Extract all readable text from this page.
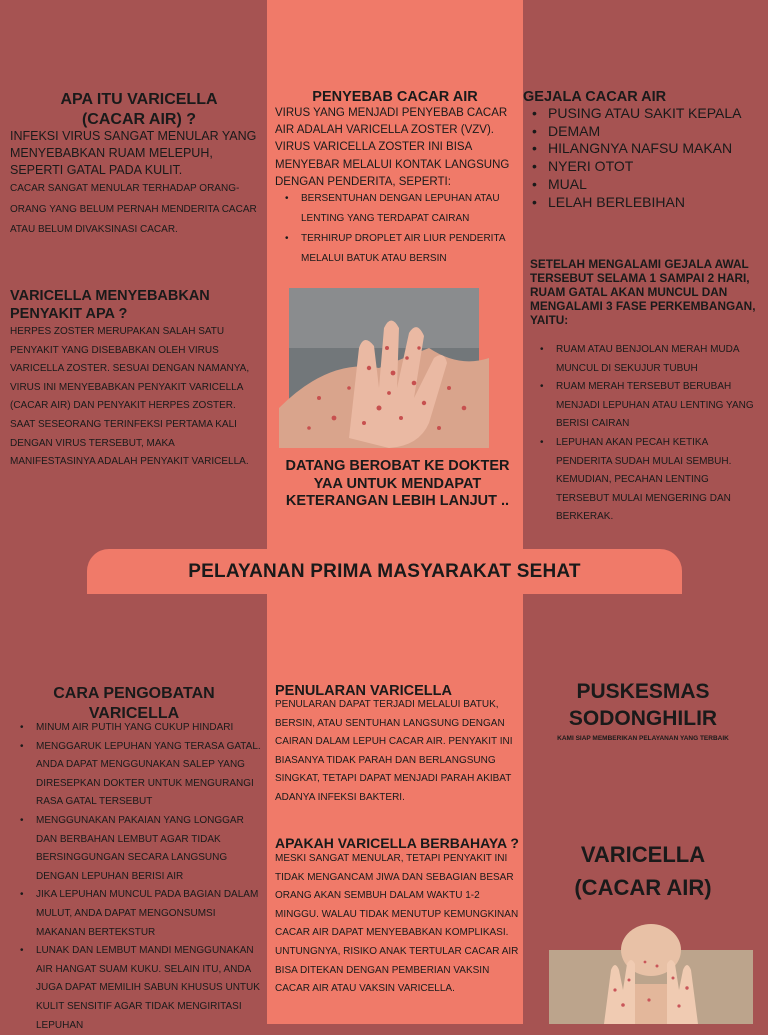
APA ITU VARICELLA
(CACAR AIR) ?
INFEKSI VIRUS SANGAT MENULAR YANG MENYEBABKAN RUAM MELEPUH, SEPERTI GATAL PADA KULIT.
CACAR SANGAT MENULAR TERHADAP ORANG-ORANG YANG BELUM PERNAH MENDERITA CACAR ATAU BELUM DIVAKSINASI CACAR.
VARICELLA MENYEBABKAN PENYAKIT APA ?
HERPES ZOSTER MERUPAKAN SALAH SATU PENYAKIT YANG DISEBABKAN OLEH VIRUS VARICELLA ZOSTER. SESUAI DENGAN NAMANYA, VIRUS INI MENYEBABKAN PENYAKIT VARICELLA (CACAR AIR) DAN PENYAKIT HERPES ZOSTER. SAAT SESEORANG TERINFEKSI PERTAMA KALI DENGAN VIRUS TERSEBUT, MAKA MANIFESTASINYA ADALAH PENYAKIT VARICELLA.
PENYEBAB CACAR AIR
VIRUS YANG MENJADI PENYEBAB CACAR AIR ADALAH VARICELLA ZOSTER (VZV). VIRUS VARICELLA ZOSTER INI BISA MENYEBAR MELALUI KONTAK LANGSUNG DENGAN PENDERITA, SEPERTI:
• BERSENTUHAN DENGAN LEPUHAN ATAU LENTING YANG TERDAPAT CAIRAN
• TERHIRUP DROPLET AIR LIUR PENDERITA MELALUI BATUK ATAU BERSIN
DATANG BEROBAT KE DOKTER YAA UNTUK MENDAPAT KETERANGAN LEBIH LANJUT ..
GEJALA CACAR AIR
• PUSING ATAU SAKIT KEPALA
• DEMAM
• HILANGNYA NAFSU MAKAN
• NYERI OTOT
• MUAL
• LELAH BERLEBIHAN
SETELAH MENGALAMI GEJALA AWAL TERSEBUT SELAMA 1 SAMPAI 2 HARI, RUAM GATAL AKAN MUNCUL DAN MENGALAMI 3 FASE PERKEMBANGAN, YAITU:
• RUAM ATAU BENJOLAN MERAH MUDA MUNCUL DI SEKUJUR TUBUH
• RUAM MERAH TERSEBUT BERUBAH MENJADI LEPUHAN ATAU LENTING YANG BERISI CAIRAN
• LEPUHAN AKAN PECAH KETIKA PENDERITA SUDAH MULAI SEMBUH. KEMUDIAN, PECAHAN LENTING TERSEBUT MULAI MENGERING DAN BERKERAK.
PELAYANAN PRIMA MASYARAKAT SEHAT
CARA PENGOBATAN
VARICELLA
• MINUM AIR PUTIH YANG CUKUP HINDARI
• MENGGARUK LEPUHAN YANG TERASA GATAL. ANDA DAPAT MENGGUNAKAN SALEP YANG DIRESEPKAN DOKTER UNTUK MENGURANGI RASA GATAL TERSEBUT
• MENGGUNAKAN PAKAIAN YANG LONGGAR DAN BERBAHAN LEMBUT AGAR TIDAK BERSINGGUNGAN SECARA LANGSUNG DENGAN LEPUHAN BERISI AIR
• JIKA LEPUHAN MUNCUL PADA BAGIAN DALAM MULUT, ANDA DAPAT MENGONSUMSI MAKANAN BERTEKSTUR
• LUNAK DAN LEMBUT MANDI MENGGUNAKAN AIR HANGAT SUAM KUKU. SELAIN ITU, ANDA JUGA DAPAT MEMILIH SABUN KHUSUS UNTUK KULIT SENSITIF AGAR TIDAK MENGIRITASI LEPUHAN
PENULARAN VARICELLA
PENULARAN DAPAT TERJADI MELALUI BATUK, BERSIN, ATAU SENTUHAN LANGSUNG DENGAN CAIRAN DALAM LEPUH CACAR AIR. PENYAKIT INI BIASANYA TIDAK PARAH DAN BERLANGSUNG SINGKAT, TETAPI DAPAT MENJADI PARAH AKIBAT ADANYA INFEKSI BAKTERI.
APAKAH VARICELLA BERBAHAYA ?
MESKI SANGAT MENULAR, TETAPI PENYAKIT INI TIDAK MENGANCAM JIWA DAN SEBAGIAN BESAR ORANG AKAN SEMBUH DALAM WAKTU 1-2 MINGGU. WALAU TIDAK MENUTUP KEMUNGKINAN CACAR AIR DAPAT MENYEBABKAN KOMPLIKASI. UNTUNGNYA, RISIKO ANAK TERTULAR CACAR AIR BISA DITEKAN DENGAN PEMBERIAN VAKSIN CACAR AIR ATAU VAKSIN VARICELLA.
PUSKESMAS
SODONGHILIR
KAMI SIAP MEMBERIKAN PELAYANAN YANG TERBAIK
VARICELLA
(CACAR AIR)
